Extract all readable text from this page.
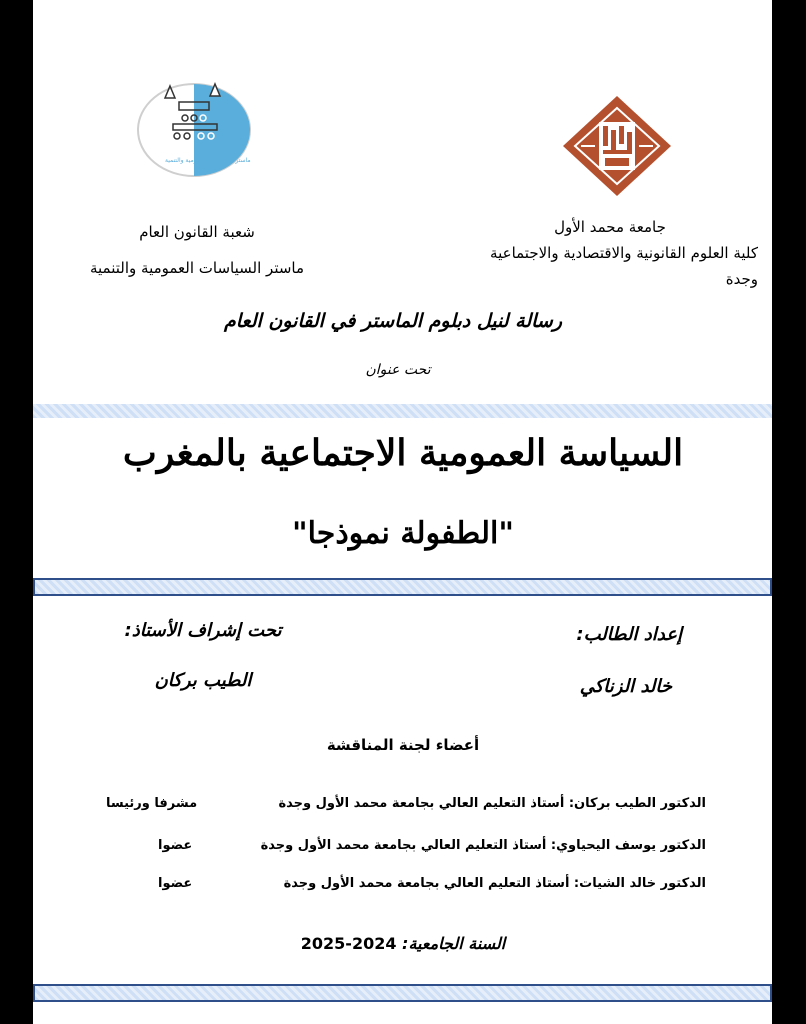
ماستر السياسات العمومية والتنمية
جامعة محمد الأول
كلية العلوم القانونية والاقتصادية والاجتماعية
وجدة
شعبة القانون العام
ماستر السياسات العمومية والتنمية
رسالة لنيل دبلوم الماستر في القانون العام
تحت عنوان
السياسة العمومية الاجتماعية بالمغرب
"الطفولة نموذجا"
إعداد الطالب:
خالد الزناكي
تحت إشراف الأستاذ:
الطيب بركان
أعضاء لجنة المناقشة
الدكتور الطيب بركان: أستاذ التعليم العالي بجامعة محمد الأول وجدة
مشرفا ورئيسا
الدكتور يوسف اليحياوي: أستاذ التعليم العالي بجامعة محمد الأول وجدة
عضوا
الدكتور خالد الشيات: أستاذ التعليم العالي بجامعة محمد الأول وجدة
عضوا
السنة الجامعية: 2025-2024
